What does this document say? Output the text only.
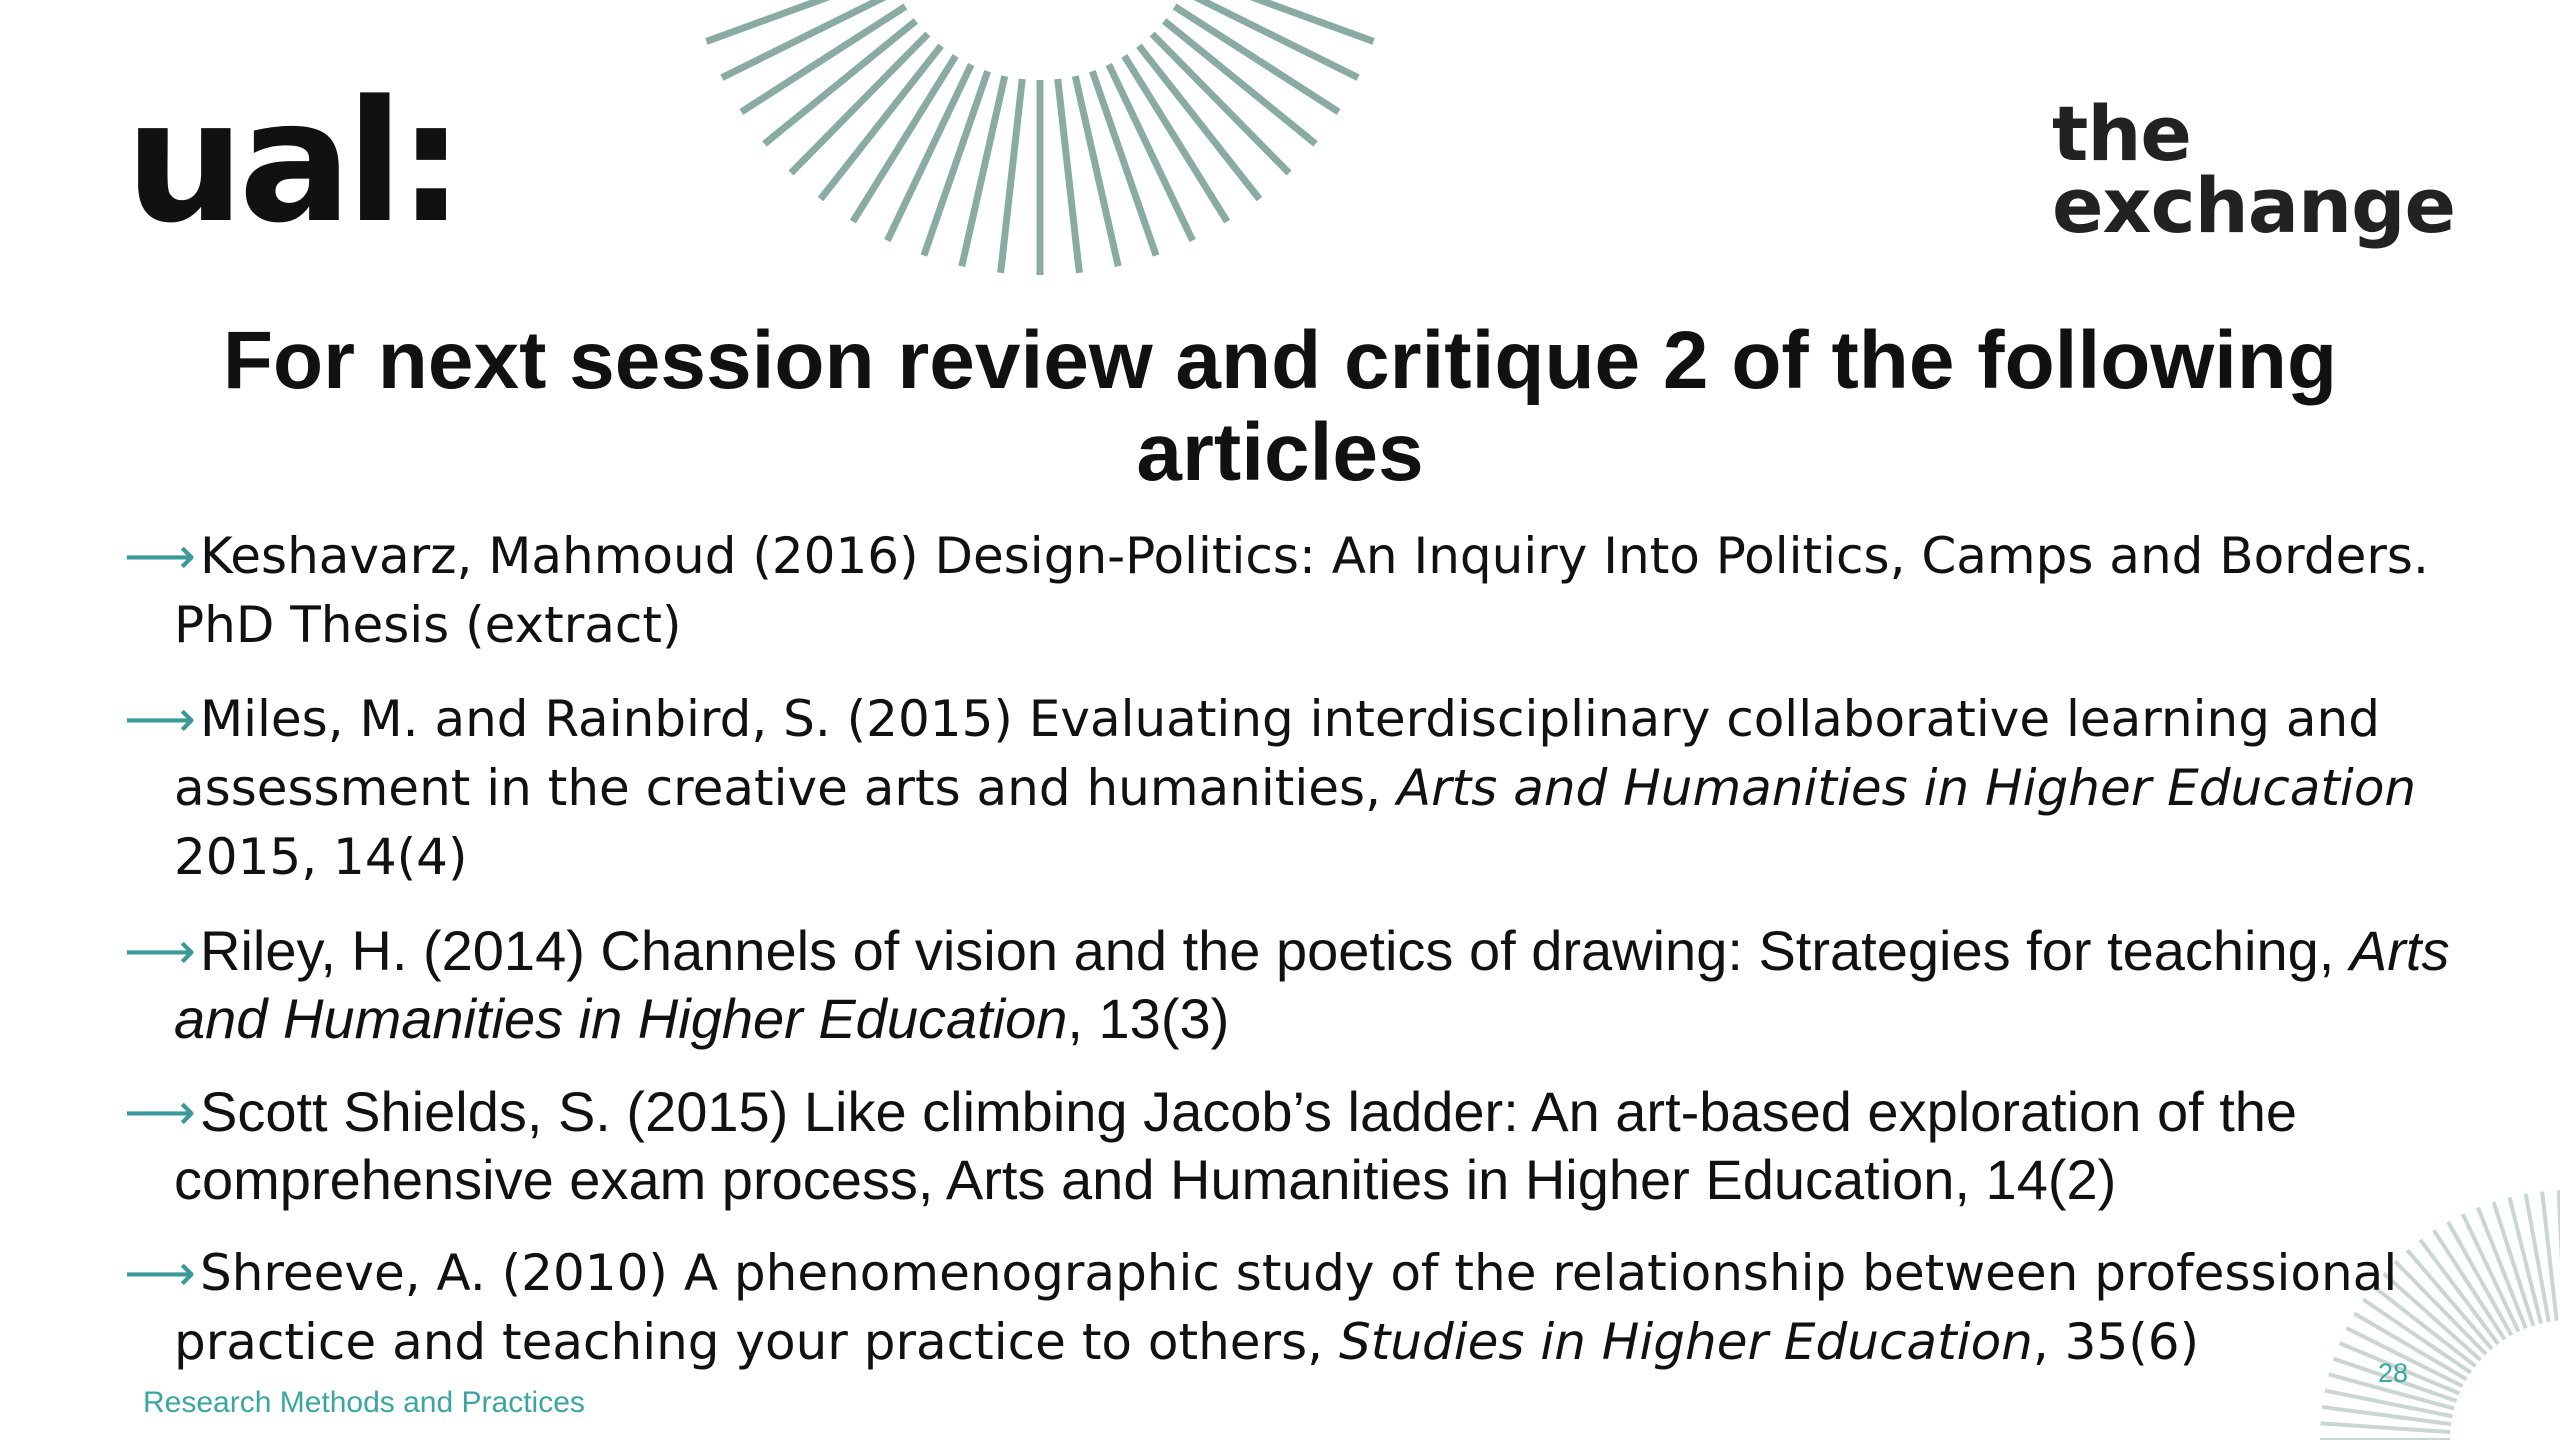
ual:	the
exchange
For next session review and critique 2 of the following articles
⟶ Keshavarz, Mahmoud (2016) Design-Politics: An Inquiry Into Politics, Camps and Borders. PhD Thesis (extract)
⟶ Miles, M. and Rainbird, S. (2015) Evaluating interdisciplinary collaborative learning and assessment in the creative arts and humanities, Arts and Humanities in Higher Education 2015, 14(4)
⟶ Riley, H. (2014) Channels of vision and the poetics of drawing: Strategies for teaching, Arts and Humanities in Higher Education, 13(3)
⟶ Scott Shields, S. (2015) Like climbing Jacob’s ladder: An art-based exploration of the comprehensive exam process, Arts and Humanities in Higher Education, 14(2)
⟶ Shreeve, A. (2010) A phenomenographic study of the relationship between professional practice and teaching your practice to others, Studies in Higher Education, 35(6)
Research Methods and Practices
28
